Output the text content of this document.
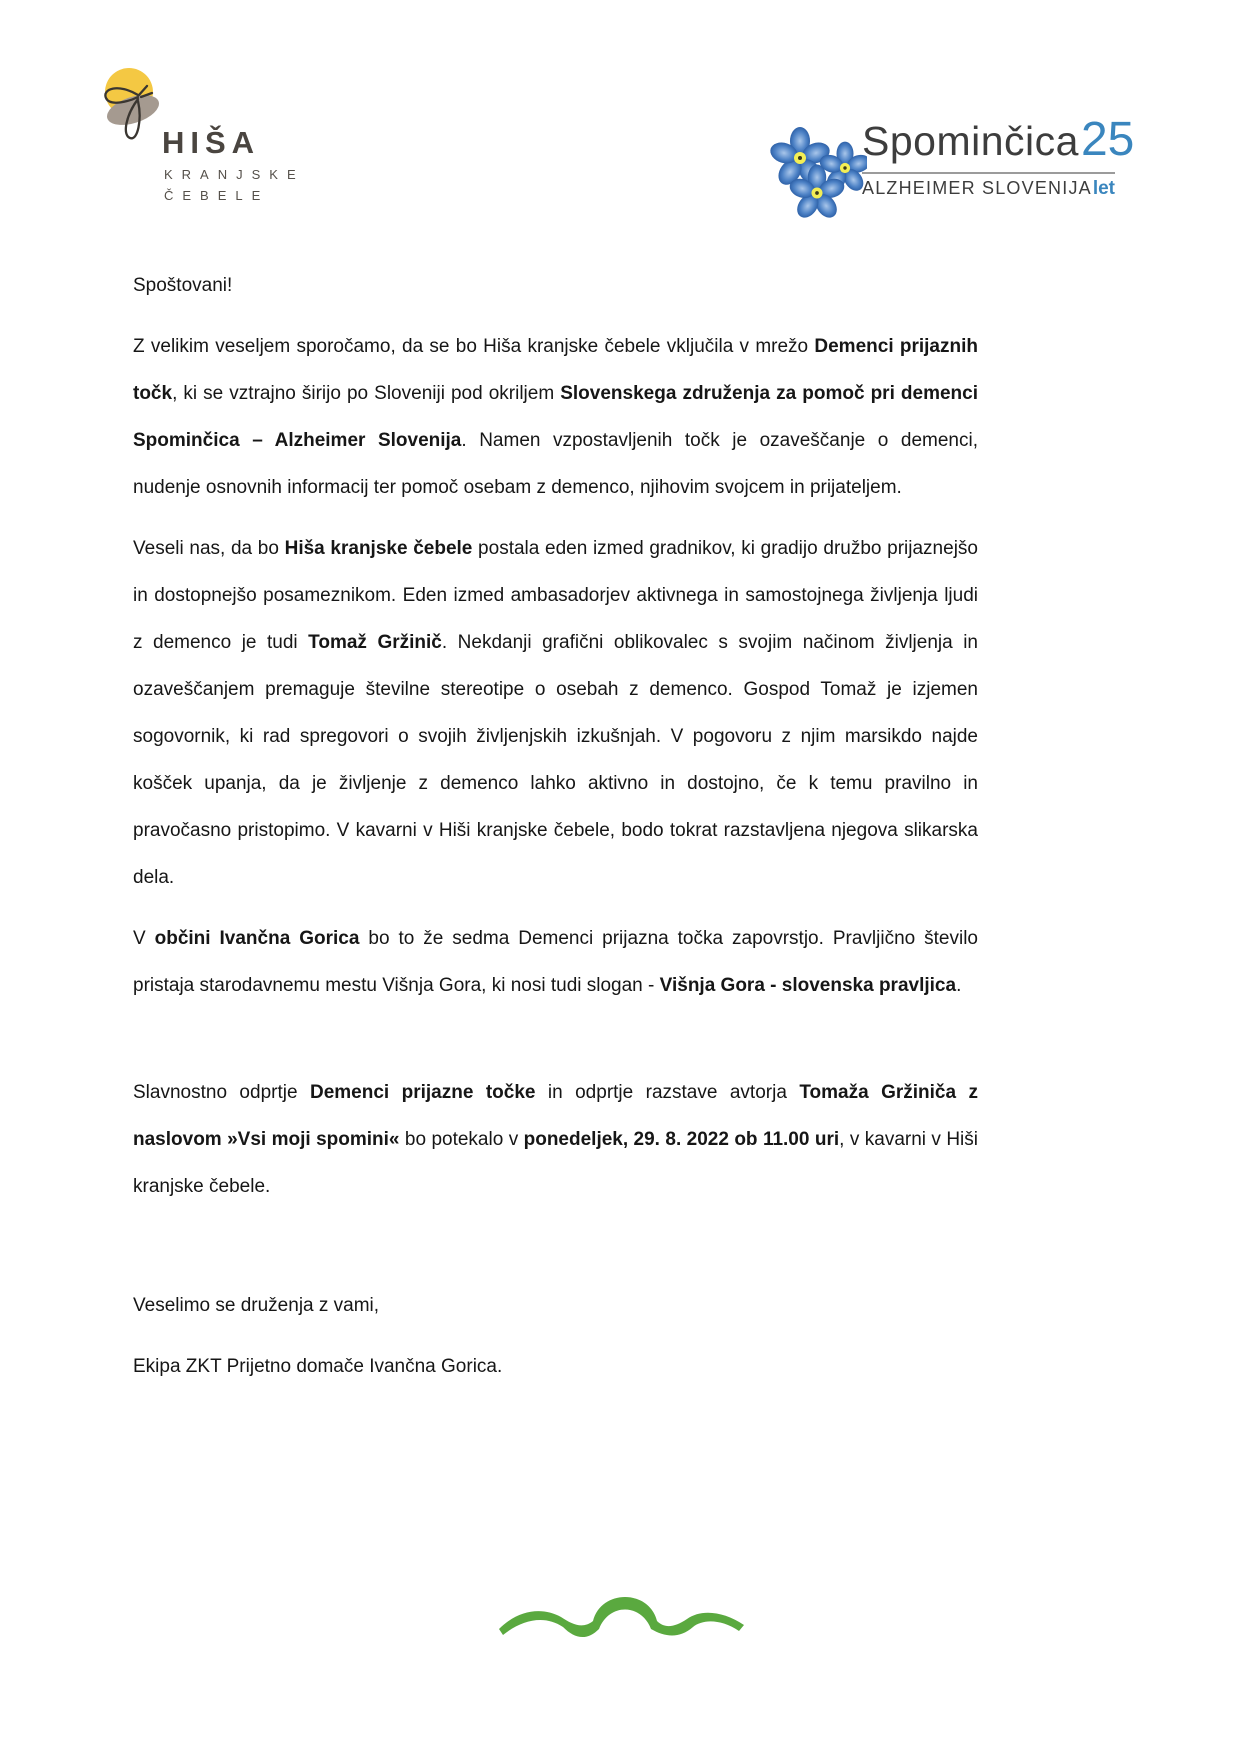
HIŠA
KRANJSKE
ČEBELE
Spominčica 25
ALZHEIMER SLOVENIJA let

Spoštovani!

Z velikim veseljem sporočamo, da se bo Hiša kranjske čebele vključila v mrežo Demenci prijaznih točk, ki se vztrajno širijo po Sloveniji pod okriljem Slovenskega združenja za pomoč pri demenci Spominčica – Alzheimer Slovenija. Namen vzpostavljenih točk je ozaveščanje o demenci, nudenje osnovnih informacij ter pomoč osebam z demenco, njihovim svojcem in prijateljem.

Veseli nas, da bo Hiša kranjske čebele postala eden izmed gradnikov, ki gradijo družbo prijaznejšo in dostopnejšo posameznikom. Eden izmed ambasadorjev aktivnega in samostojnega življenja ljudi z demenco je tudi Tomaž Gržinič. Nekdanji grafični oblikovalec s svojim načinom življenja in ozaveščanjem premaguje številne stereotipe o osebah z demenco. Gospod Tomaž je izjemen sogovornik, ki rad spregovori o svojih življenjskih izkušnjah. V pogovoru z njim marsikdo najde košček upanja, da je življenje z demenco lahko aktivno in dostojno, če k temu pravilno in pravočasno pristopimo. V kavarni v Hiši kranjske čebele, bodo tokrat razstavljena njegova slikarska dela.

V občini Ivančna Gorica bo to že sedma Demenci prijazna točka zapovrstjo. Pravljično število pristaja starodavnemu mestu Višnja Gora, ki nosi tudi slogan - Višnja Gora - slovenska pravljica.

Slavnostno odprtje Demenci prijazne točke in odprtje razstave avtorja Tomaža Gržiniča z naslovom »Vsi moji spomini« bo potekalo v ponedeljek, 29. 8. 2022 ob 11.00 uri, v kavarni v Hiši kranjske čebele.

Veselimo se druženja z vami,

Ekipa ZKT Prijetno domače Ivančna Gorica.
